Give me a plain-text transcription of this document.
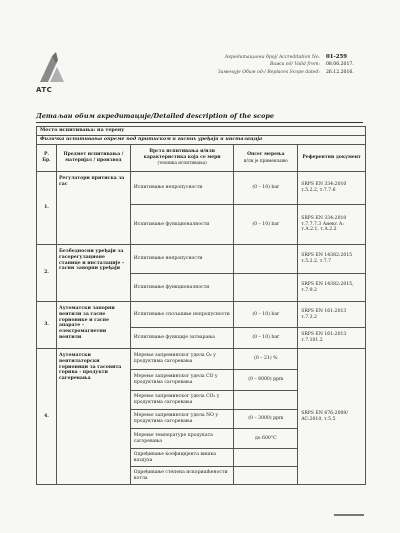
ATC
Акредитациони број/ Accreditation No.	01-259
Важи од/ Valid from:	08.06.2017.
Замењује Обим од:/ Replaces Scope dated:	26.12.2016.
Детаљан обим акредитације/Detailed description of the scope
Место испитивања: на терену				
Физичка испитивања опреме под притиском и гасних уређаја и инсталација				
Р. Бр.	Предмет испитивања / материјал / производ	Врста испитивања и/или карактеристика која се мери
(техника испитивања)	Опсег мерења
и/ли је применљиво	Референтни документ
1.	Регулатори притиска за гас	Испитивање непропусности	(0 – 10) bar	SRPS EN 334:2010 т.5.2.2, т.7.7.6
		Испитивање функционалности	(0 – 10) bar	SRPS EN 334:2010 т.7.7.7.3 Анекс А: т.А.2.1, т.А.2.2
2.	Безбедносни уређаји за гасорегулационе станице и инсталације – гасни заворни уређаји	Испитивање непропусности		SRPS EN 14382:2015 т.5.2.2, т.7.7
		Испитивање функционалности		SRPS EN 14382:2015, т.7.9.2
3.	Аутоматски запорни вентили за гасне горионике и гасне апарате – електромагнетни вентили	Испитивање спољашње непропусности	(0 – 10) bar	SRPS EN 161:2013 т.7.3.2
		Испитивање функције затварања	(0 – 10) bar	SRPS EN 161:2013 т.7.101.2
4.	Аутоматски вентилаторски горионици за гасовита горива - продукти сагоревања	Мерење запреминског удела O₂ у продуктима сагоревања	(0 – 21) %	SRPS EN 676:2009/ AC:2010, т.5.5
		Мерење запреминског удела CO у продуктима сагоревања	(0 – 8000) ppm	
		Мерење запреминског удела CO₂ у продуктима сагоревања		
		Мерење запреминског удела NO у продуктима сагоревања	(0 – 3000) ppm	
		Мерење температуре продуката сагоревања	до 600°C	
		Одређивање коефицијента вишка ваздуха		
		Одређивање степена искоришћености котла		
